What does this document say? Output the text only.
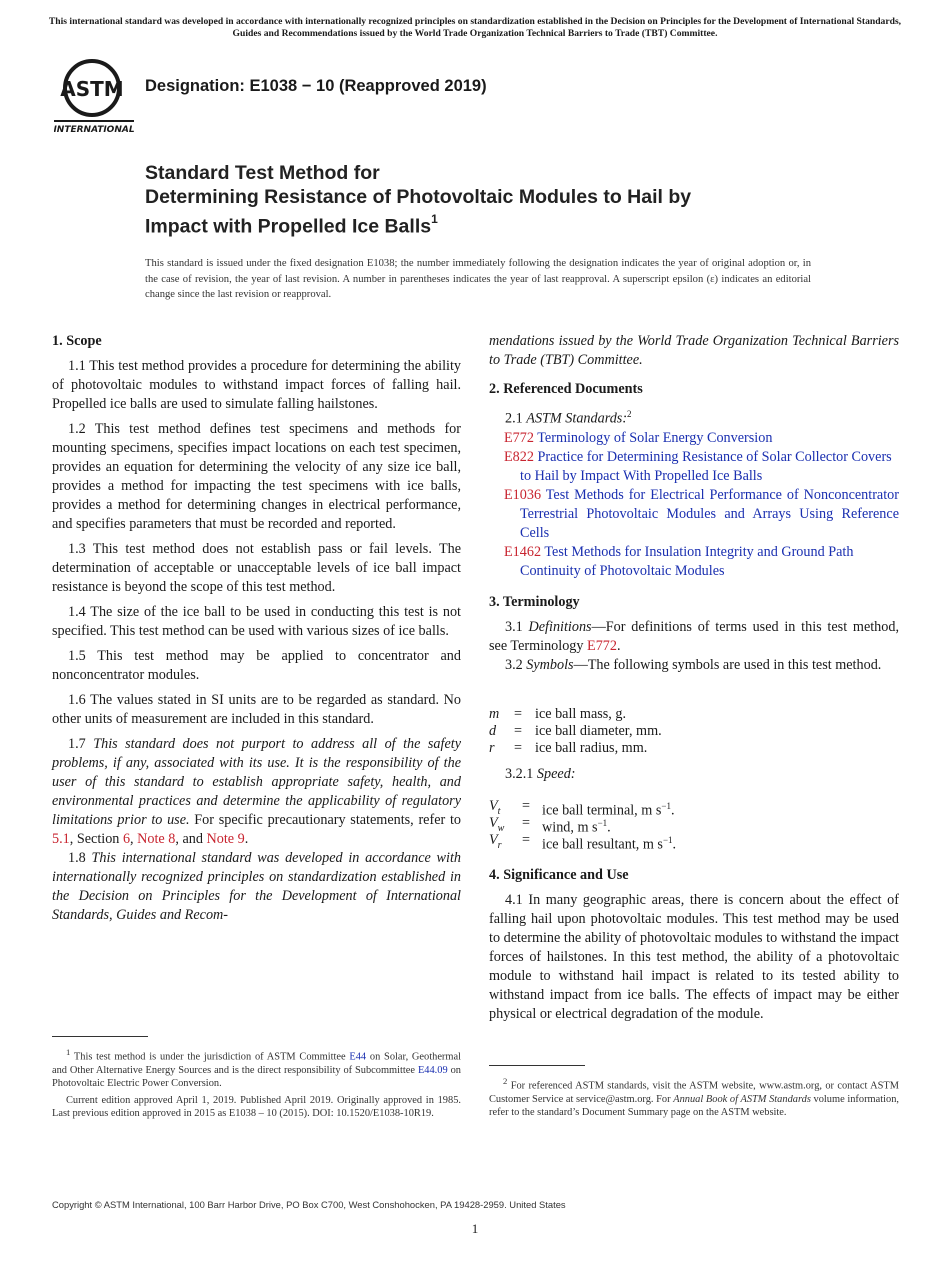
This international standard was developed in accordance with internationally recognized principles on standardization established in the Decision on Principles for the Development of International Standards, Guides and Recommendations issued by the World Trade Organization Technical Barriers to Trade (TBT) Committee.
ASTM
INTERNATIONAL
Designation: E1038 − 10 (Reapproved 2019)
Standard Test Method for
Determining Resistance of Photovoltaic Modules to Hail by
Impact with Propelled Ice Balls$^1$
This standard is issued under the fixed designation E1038; the number immediately following the designation indicates the year of original adoption or, in the case of revision, the year of last revision. A number in parentheses indicates the year of last reapproval. A superscript epsilon (ε) indicates an editorial change since the last revision or reapproval.

1. Scope

1.1 This test method provides a procedure for determining the ability of photovoltaic modules to withstand impact forces of falling hail. Propelled ice balls are used to simulate falling hailstones.

1.2 This test method defines test specimens and methods for mounting specimens, specifies impact locations on each test specimen, provides an equation for determining the velocity of any size ice ball, provides a method for impacting the test specimens with ice balls, provides a method for determining changes in electrical performance, and specifies parameters that must be recorded and reported.

1.3 This test method does not establish pass or fail levels. The determination of acceptable or unacceptable levels of ice ball impact resistance is beyond the scope of this test method.

1.4 The size of the ice ball to be used in conducting this test is not specified. This test method can be used with various sizes of ice balls.

1.5 This test method may be applied to concentrator and nonconcentrator modules.

1.6 The values stated in SI units are to be regarded as standard. No other units of measurement are included in this standard.

1.7 This standard does not purport to address all of the safety problems, if any, associated with its use. It is the responsibility of the user of this standard to establish appropriate safety, health, and environmental practices and determine the applicability of regulatory limitations prior to use. For specific precautionary statements, refer to 5.1, Section 6, Note 8, and Note 9.

1.8 This international standard was developed in accordance with internationally recognized principles on standardization established in the Decision on Principles for the Development of International Standards, Guides and Recom-

$^1$ This test method is under the jurisdiction of ASTM Committee E44 on Solar, Geothermal and Other Alternative Energy Sources and is the direct responsibility of Subcommittee E44.09 on Photovoltaic Electric Power Conversion.

Current edition approved April 1, 2019. Published April 2019. Originally approved in 1985. Last previous edition approved in 2015 as E1038 – 10 (2015). DOI: 10.1520/E1038-10R19.

mendations issued by the World Trade Organization Technical Barriers to Trade (TBT) Committee.

2. Referenced Documents

2.1 ASTM Standards:$^2$

E772 Terminology of Solar Energy Conversion

E822 Practice for Determining Resistance of Solar Collector Covers to Hail by Impact With Propelled Ice Balls

E1036 Test Methods for Electrical Performance of Nonconcentrator Terrestrial Photovoltaic Modules and Arrays Using Reference Cells

E1462 Test Methods for Insulation Integrity and Ground Path Continuity of Photovoltaic Modules

3. Terminology

3.1 Definitions—For definitions of terms used in this test method, see Terminology E772.

3.2 Symbols—The following symbols are used in this test method.

m = ice ball mass, g.
d = ice ball diameter, mm.
r = ice ball radius, mm.
3.2.1 Speed:
$V_t$ = ice ball terminal, m $s^{-1}$.
$V_w$ = wind, m $s^{-1}$.
$V_r$ = ice ball resultant, m $s^{-1}$.

4. Significance and Use

4.1 In many geographic areas, there is concern about the effect of falling hail upon photovoltaic modules. This test method may be used to determine the ability of photovoltaic modules to withstand the impact forces of hailstones. In this test method, the ability of a photovoltaic module to withstand hail impact is related to its tested ability to withstand impact from ice balls. The effects of impact may be either physical or electrical degradation of the module.

$^2$ For referenced ASTM standards, visit the ASTM website, www.astm.org, or contact ASTM Customer Service at service@astm.org. For Annual Book of ASTM Standards volume information, refer to the standard’s Document Summary page on the ASTM website.

Copyright © ASTM International, 100 Barr Harbor Drive, PO Box C700, West Conshohocken, PA 19428-2959. United States
1
